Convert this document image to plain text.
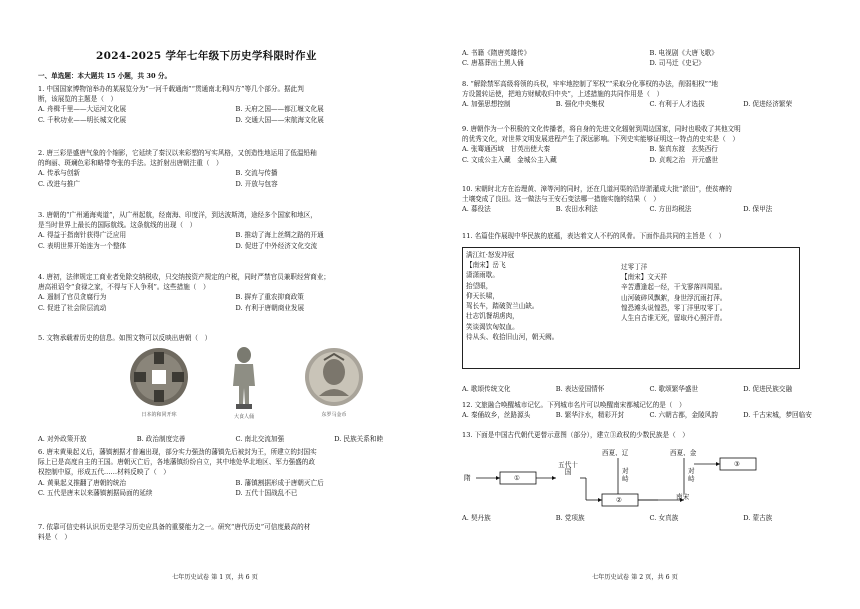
2024-2025 学年七年级下历史学科限时作业
一、单选题：本大题共 15 小题，共 30 分。

1. 中国国家博物馆举办的某展览分为“一河千载通南”“贯通南北利四方”等几个部分。据此判

断，该展览的主题是（　）

A. 舟楫千里——大运河文化展	B. 天府之国——都江堰文化展
C. 千秋功业——明长城文化展	D. 交通大国——宋航海文化展

2. 唐三彩是盛唐气象的个缩影，它延续了秦汉以来彩塑的写实风格，又创造性地运用了低温铅釉

的绚丽、斑斓色彩和略带夸张的手法。这折射出唐朝注重（　）

A. 传承与创新	B. 交流与传播
C. 改进与推广	D. 开放与包容

3. 唐朝的“广州通海夷道”，从广州起航，经南海、印度洋，到达波斯湾，途经多个国家和地区，

是当时世界上最长的国际航线。这条航线的出现（　）

A. 得益于指南针获得广泛应用	B. 推动了海上丝绸之路的开通
C. 表明世界开始连为一个整体	D. 促进了中外经济文化交流

4. 唐初，法律规定工商业者免除交纳税收，只交纳按资产规定的户税，同时严禁官员兼职经营商业；

唐高祖诏令“食禄之家，不得与下人争利”。这些措施（　）

A. 遏制了官员贪腐行为	B. 摒弃了重农抑商政策
C. 促进了社会阶层流动	D. 有利于唐朝商业发展

5. 文物承载着历史的信息。如图文物可以反映出唐朝（　）

日本的和同开珎	大食人俑	东罗马金币
A. 对外政策开放	B. 政治制度完善	C. 南北交流加强	D. 民族关系和睦

6. 唐末黄巢起义后，藩镇割据才普遍出现，部分实力强劲的藩镇先后被封为王，所建立的封国实

际上已是高度自主的王国。唐朝灭亡后，各地藩镇纷纷自立，其中地处华北地区、军力强盛的政

权控制中原，形成五代……材料反映了（　）

A. 黄巢起义推翻了唐朝的统治	B. 藩镇割据形成于唐朝灭亡后
C. 五代是唐末以来藩镇割据局面的延续	D. 五代十国战乱不已

7. 依靠可信史料认识历史是学习历史应具备的重要能力之一。研究“唐代历史”可信度最高的材

料是（　）

七年历史试卷 第 1 页，共 6 页
A. 书籍《隋唐英雄传》	B. 电视剧《大唐飞歌》
C. 唐墓葬出土黑人俑	D. 司马迁《史记》

8. “解除禁军高级将领的兵权，牢牢地控制了军权”“采取分化事权的办法，削弱相权”“地

方设置转运使，把地方财赋收归中央”，上述措施的共同作用是（　）

A. 加强思想控制	B. 强化中央集权	C. 有利于人才选拔	D. 促进经济繁荣

9. 唐朝作为一个积极的文化传播者，将自身的先进文化辐射到周边国家，同时也吸收了其他文明

的优秀文化，对世界文明发展进程产生了深远影响。下列史实能够证明这一特点的史实是（　）

A. 张骞通西域　甘英出使大秦	B. 鉴真东渡　玄奘西行
C. 文成公主入藏　金城公主入藏	D. 贞观之治　开元盛世

10. 宋朝时北方在治理黄、漳等河的同时，还在几道河渠的沿岸淤灌成大批“淤田”，使贫瘠的

土壤变成了良田。这一做法与王安石变法哪一措施实施的结果（　）

A. 募役法	B. 农田水利法	C. 方田均税法	D. 保甲法

11. 名篇佳作展现中华民族的底蕴，表达着文人不朽的风骨。下面作品共同的主旨是（　）

满江红·怒发冲冠

【南宋】岳飞

潇潇雨歇。

抬望眼，

仰天长啸，

驾长车，踏破贺兰山缺。

壮志饥餐胡虏肉，

笑谈渴饮匈奴血。

待从头、收拾旧山河，朝天阙。

过零丁洋

【南宋】文天祥

辛苦遭逢起一经，干戈寥落四周星。

山河破碎风飘絮，身世浮沉雨打萍。

惶恐滩头说惶恐，零丁洋里叹零丁。

人生自古谁无死，留取丹心照汗青。

A. 歌颂传统文化	B. 表达爱国情怀	C. 歌颂繁华盛世	D. 促进民族交融

12. 文旅融合唤醒城市记忆。下列城市名片可以唤醒南宋都城记忆的是（　）

A. 秦俑故乡，丝路源头	B. 繁华汴水，精彩开封	C. 六朝古都，金陵风韵	D. 千古宋城，梦回临安

13. 下面是中国古代朝代更替示意图（部分），建立③政权的少数民族是（　）

隋	①
五代十国
西夏、辽
对峙
②
西夏、金
对峙
南宋
③
A. 契丹族	B. 党项族	C. 女真族	D. 蒙古族
七年历史试卷 第 2 页，共 6 页
